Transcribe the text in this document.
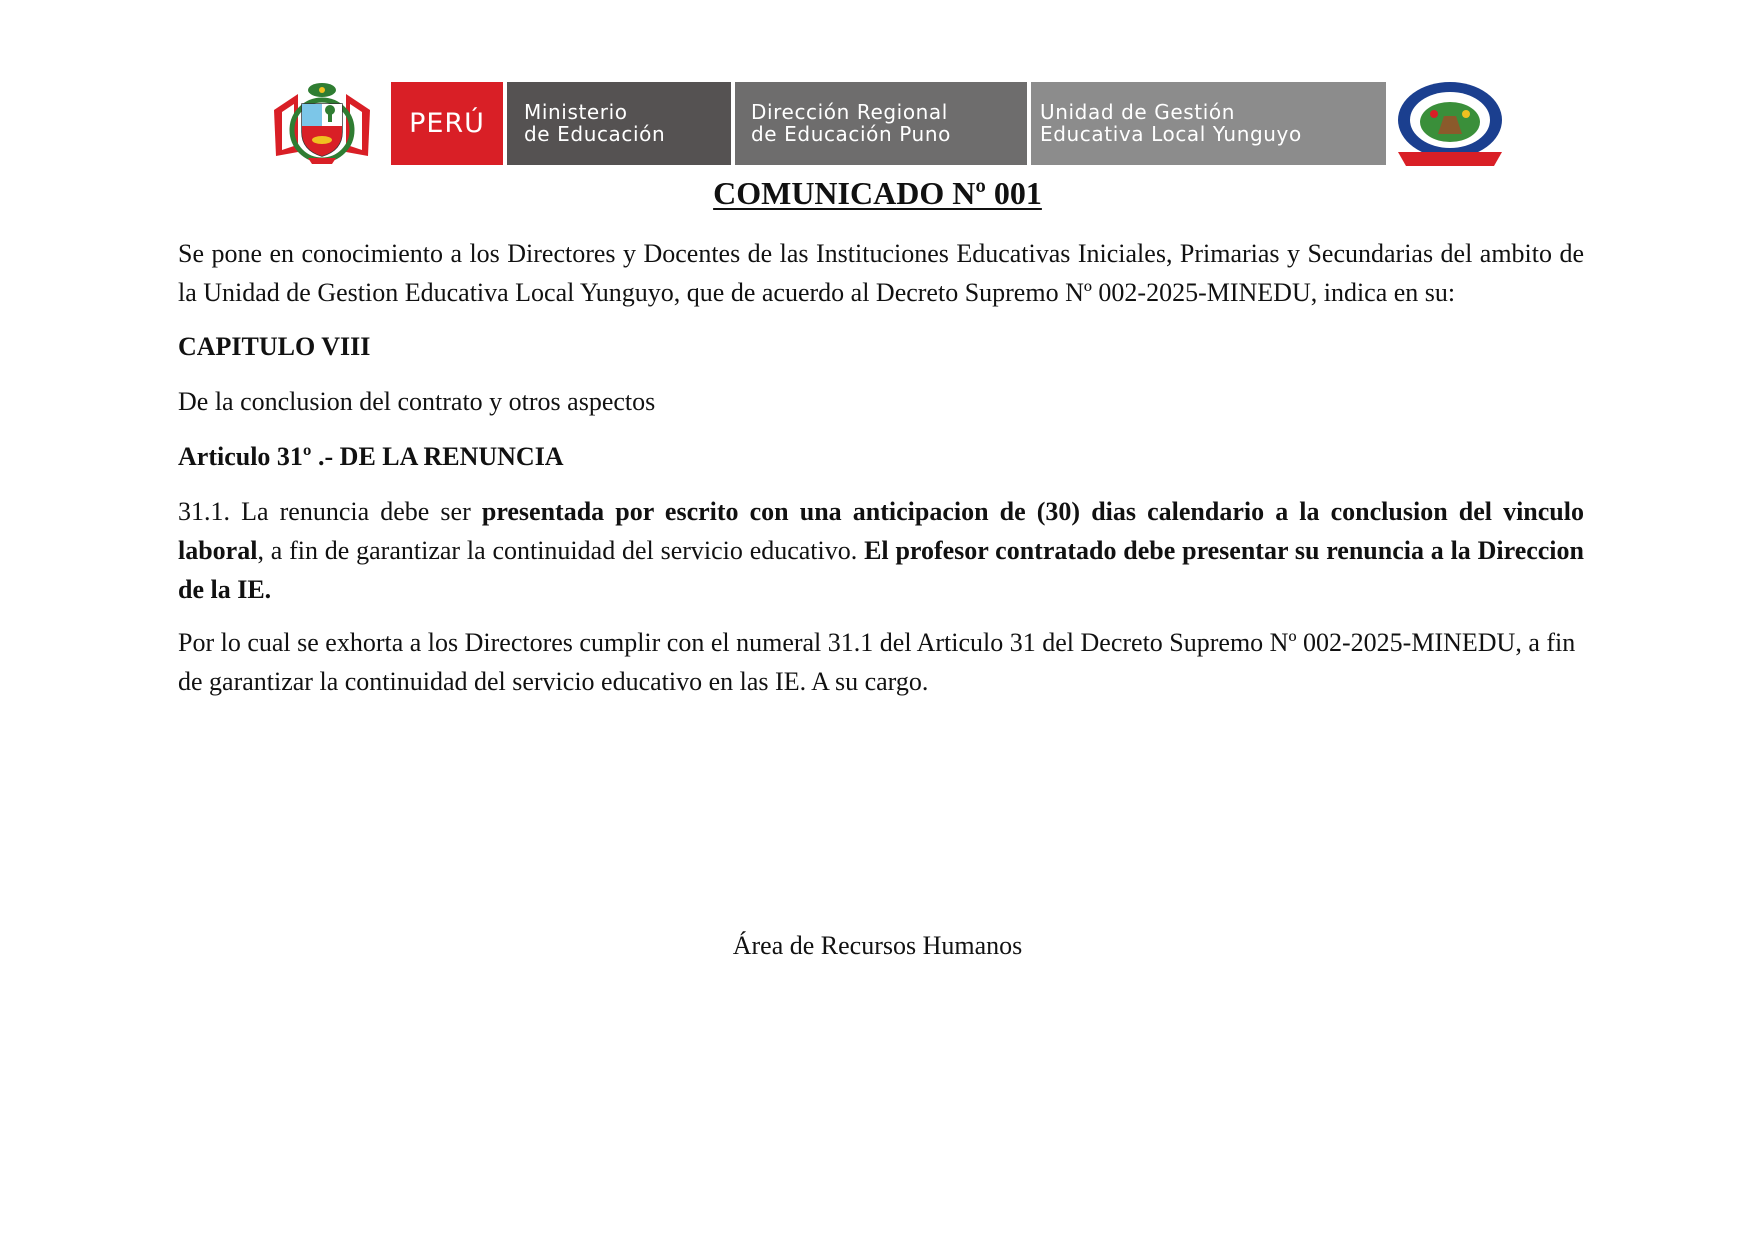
PERÚ Ministerio
de Educación
Dirección Regional
de Educación Puno
Unidad de Gestión
Educativa Local Yunguyo
COMUNICADO Nº 001

Se pone en conocimiento a los Directores y Docentes de las Instituciones Educativas Iniciales, Primarias y Secundarias del ambito de la Unidad de Gestion Educativa Local Yunguyo, que de acuerdo al Decreto Supremo Nº 002-2025-MINEDU, indica en su:

CAPITULO VIII

De la conclusion del contrato y otros aspectos

Articulo 31º .- DE LA RENUNCIA

31.1. La renuncia debe ser presentada por escrito con una anticipacion de (30) dias calendario a la conclusion del vinculo laboral, a fin de garantizar la continuidad del servicio educativo. El profesor contratado debe presentar su renuncia a la Direccion de la IE.

Por lo cual se exhorta a los Directores cumplir con el numeral 31.1 del Articulo 31 del Decreto Supremo Nº 002-2025-MINEDU, a fin de garantizar la continuidad del servicio educativo en las IE. A su cargo.

Área de Recursos Humanos
